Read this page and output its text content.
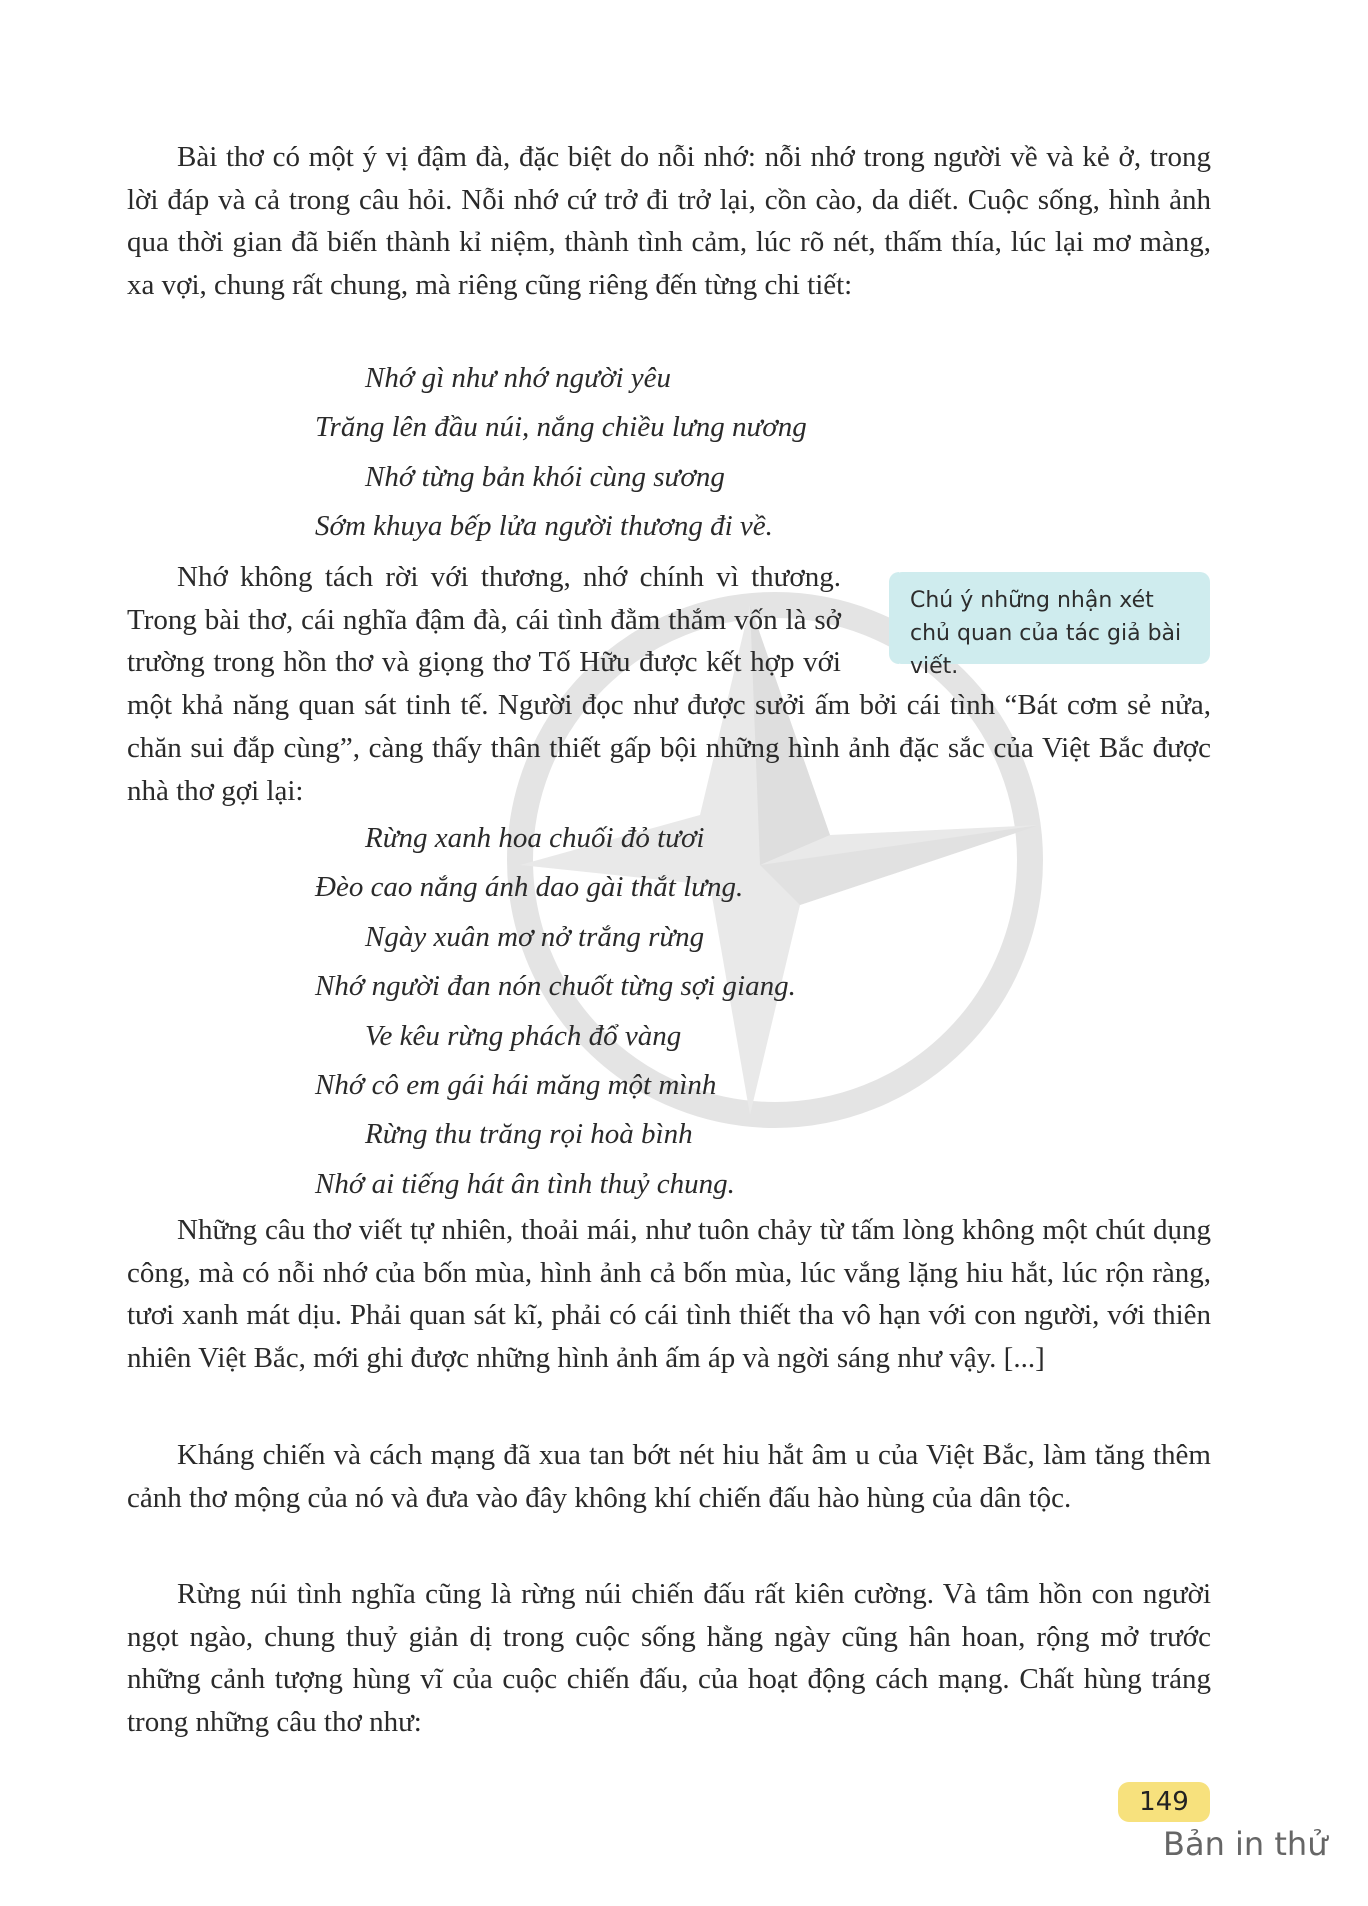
Bài thơ có một ý vị đậm đà, đặc biệt do nỗi nhớ: nỗi nhớ trong người về và kẻ ở, trong lời đáp và cả trong câu hỏi. Nỗi nhớ cứ trở đi trở lại, cồn cào, da diết. Cuộc sống, hình ảnh qua thời gian đã biến thành kỉ niệm, thành tình cảm, lúc rõ nét, thấm thía, lúc lại mơ màng, xa vợi, chung rất chung, mà riêng cũng riêng đến từng chi tiết:

Nhớ gì như nhớ người yêu
Trăng lên đầu núi, nắng chiều lưng nương
Nhớ từng bản khói cùng sương
Sớm khuya bếp lửa người thương đi về.
Nhớ không tách rời với thương, nhớ chính vì thương. Trong bài thơ, cái nghĩa đậm đà, cái tình đằm thắm vốn là sở trường trong hồn thơ và giọng thơ Tố Hữu được kết hợp với một khả năng quan sát tinh tế. Người đọc như được sưởi ấm bởi cái tình “Bát cơm sẻ nửa, chăn sui đắp cùng”, càng thấy thân thiết gấp bội những hình ảnh đặc sắc của Việt Bắc được nhà thơ gợi lại:
Chú ý những nhận xét chủ quan của tác giả bài viết.
Rừng xanh hoa chuối đỏ tươi
Đèo cao nắng ánh dao gài thắt lưng.
Ngày xuân mơ nở trắng rừng
Nhớ người đan nón chuốt từng sợi giang.
Ve kêu rừng phách đổ vàng
Nhớ cô em gái hái măng một mình
Rừng thu trăng rọi hoà bình
Nhớ ai tiếng hát ân tình thuỷ chung.

Những câu thơ viết tự nhiên, thoải mái, như tuôn chảy từ tấm lòng không một chút dụng công, mà có nỗi nhớ của bốn mùa, hình ảnh cả bốn mùa, lúc vắng lặng hiu hắt, lúc rộn ràng, tươi xanh mát dịu. Phải quan sát kĩ, phải có cái tình thiết tha vô hạn với con người, với thiên nhiên Việt Bắc, mới ghi được những hình ảnh ấm áp và ngời sáng như vậy. [...]

Kháng chiến và cách mạng đã xua tan bớt nét hiu hắt âm u của Việt Bắc, làm tăng thêm cảnh thơ mộng của nó và đưa vào đây không khí chiến đấu hào hùng của dân tộc.

Rừng núi tình nghĩa cũng là rừng núi chiến đấu rất kiên cường. Và tâm hồn con người ngọt ngào, chung thuỷ giản dị trong cuộc sống hằng ngày cũng hân hoan, rộng mở trước những cảnh tượng hùng vĩ của cuộc chiến đấu, của hoạt động cách mạng. Chất hùng tráng trong những câu thơ như:

149
Bản in thử
